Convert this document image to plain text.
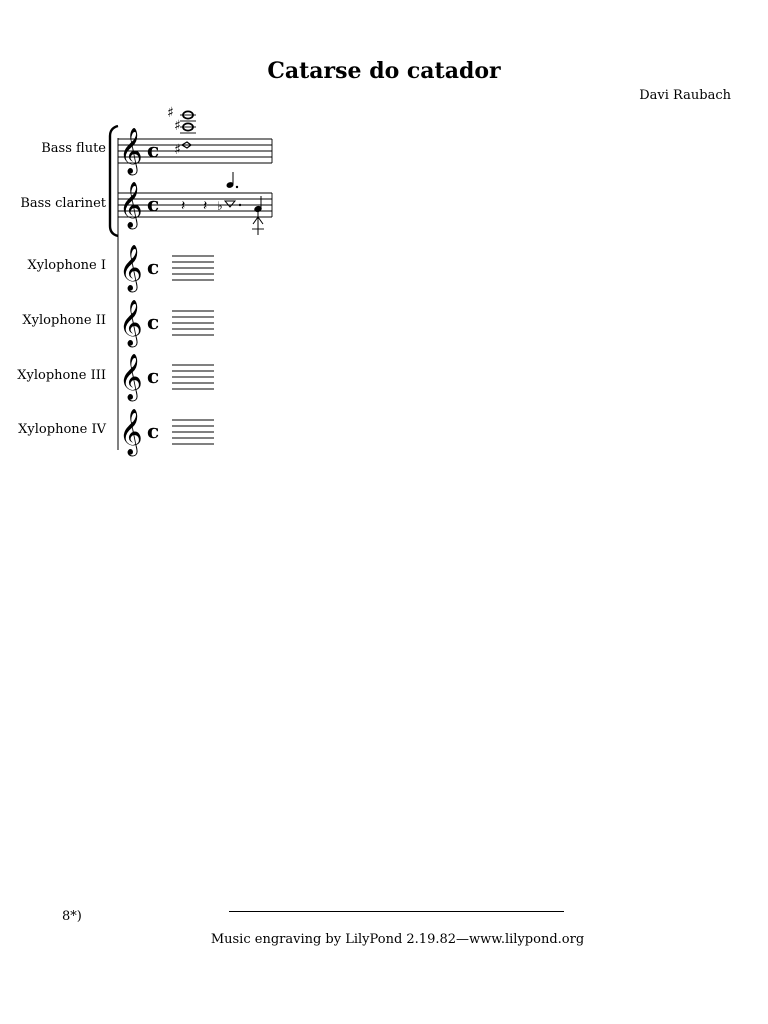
Catarse do catador
Davi Raubach
Bass flute
Bass clarinet
Xylophone I
Xylophone II
Xylophone III
Xylophone IV
𝄞
𝄞
𝄞
𝄞
𝄞
𝄞
c
c
c
c
c
c
♯
♯
♯
𝄽 𝄽 ♭
8*)
Music engraving by LilyPond 2.19.82—www.lilypond.org
